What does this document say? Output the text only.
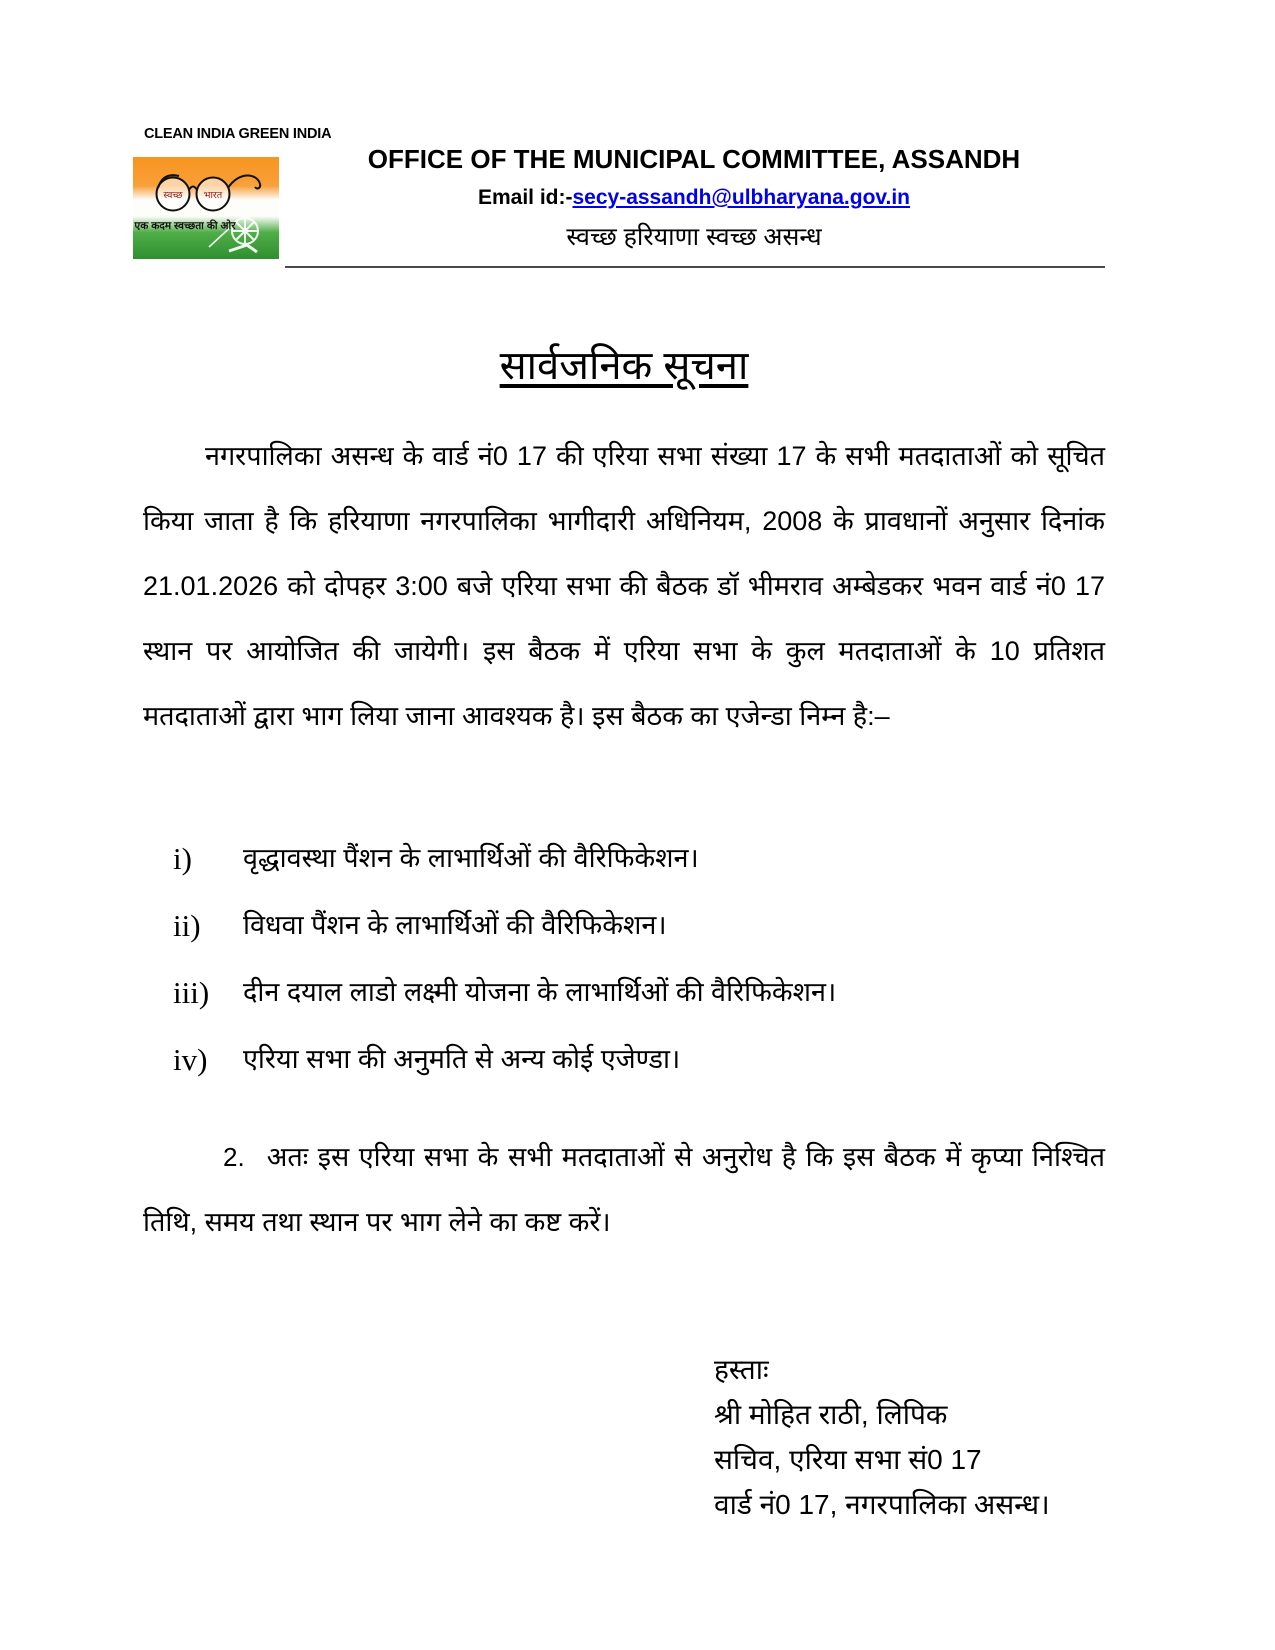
CLEAN INDIA GREEN INDIA
स्वच्छ भारत
एक कदम स्वच्छता की ओर
OFFICE OF THE MUNICIPAL COMMITTEE, ASSANDH
Email id:-secy-assandh@ulbharyana.gov.in
स्वच्छ हरियाणा स्वच्छ असन्ध
सार्वजनिक सूचना

नगरपालिका असन्ध के वार्ड नं0 17 की एरिया सभा संख्या 17 के सभी मतदाताओं को सूचित किया जाता है कि हरियाणा नगरपालिका भागीदारी अधिनियम, 2008 के प्रावधानों अनुसार दिनांक 21.01.2026 को दोपहर 3:00 बजे एरिया सभा की बैठक डॉ भीमराव अम्बेडकर भवन वार्ड नं0 17 स्थान पर आयोजित की जायेगी। इस बैठक में एरिया सभा के कुल मतदाताओं के 10 प्रतिशत मतदाताओं द्वारा भाग लिया जाना आवश्यक है। इस बैठक का एजेन्डा निम्न है:–

i)	वृद्धावस्था पैंशन के लाभार्थिओं की वैरिफिकेशन।
ii)	विधवा पैंशन के लाभार्थिओं की वैरिफिकेशन।
iii)	दीन दयाल लाडो लक्ष्मी योजना के लाभार्थिओं की वैरिफिकेशन।
iv)	एरिया सभा की अनुमति से अन्य कोई एजेण्डा।

2. अतः इस एरिया सभा के सभी मतदाताओं से अनुरोध है कि इस बैठक में कृप्या निश्चित तिथि, समय तथा स्थान पर भाग लेने का कष्ट करें।

हस्ताः
श्री मोहित राठी, लिपिक
सचिव, एरिया सभा सं0 17
वार्ड नं0 17, नगरपालिका असन्ध।
